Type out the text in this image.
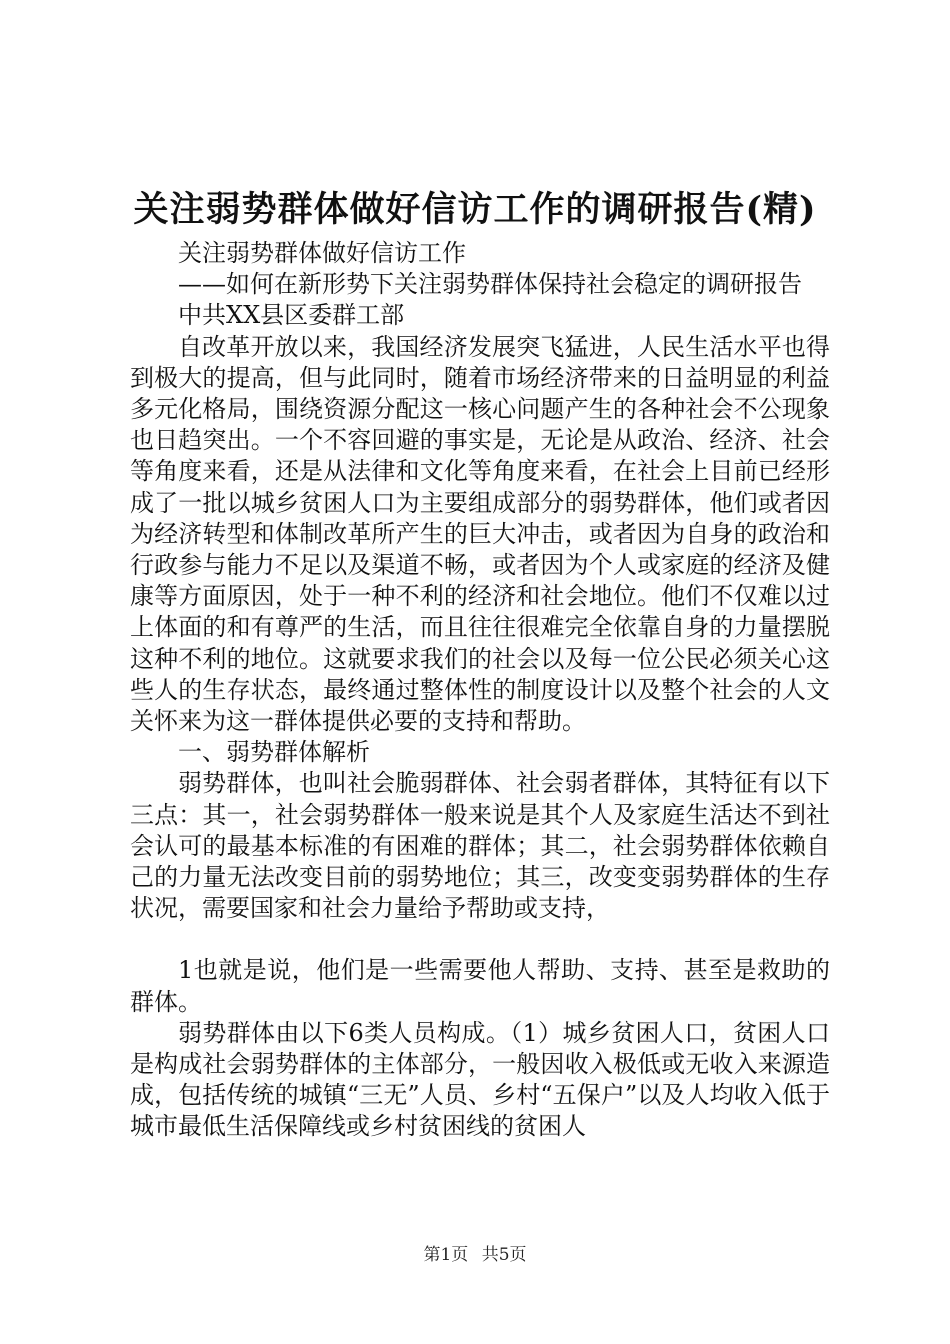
关注弱势群体做好信访工作的调研报告(精)

关注弱势群体做好信访工作

——如何在新形势下关注弱势群体保持社会稳定的调研报告

中共XX县区委群工部

自改革开放以来，我国经济发展突飞猛进，人民生活水平也得到极大的提高，但与此同时，随着市场经济带来的日益明显的利益多元化格局，围绕资源分配这一核心问题产生的各种社会不公现象也日趋突出。一个不容回避的事实是，无论是从政治、经济、社会等角度来看，还是从法律和文化等角度来看，在社会上目前已经形成了一批以城乡贫困人口为主要组成部分的弱势群体，他们或者因为经济转型和体制改革所产生的巨大冲击，或者因为自身的政治和行政参与能力不足以及渠道不畅，或者因为个人或家庭的经济及健康等方面原因，处于一种不利的经济和社会地位。他们不仅难以过上体面的和有尊严的生活，而且往往很难完全依靠自身的力量摆脱这种不利的地位。这就要求我们的社会以及每一位公民必须关心这些人的生存状态，最终通过整体性的制度设计以及整个社会的人文关怀来为这一群体提供必要的支持和帮助。

一、弱势群体解析

弱势群体，也叫社会脆弱群体、社会弱者群体，其特征有以下三点：其一，社会弱势群体一般来说是其个人及家庭生活达不到社会认可的最基本标准的有困难的群体；其二，社会弱势群体依赖自己的力量无法改变目前的弱势地位；其三，改变变弱势群体的生存状况，需要国家和社会力量给予帮助或支持，

1也就是说，他们是一些需要他人帮助、支持、甚至是救助的群体。

弱势群体由以下6类人员构成。（1）城乡贫困人口，贫困人口是构成社会弱势群体的主体部分，一般因收入极低或无收入来源造成，包括传统的城镇“三无”人员、乡村“五保户”以及人均收入低于城市最低生活保障线或乡村贫困线的贫困人

第1页 共5页
